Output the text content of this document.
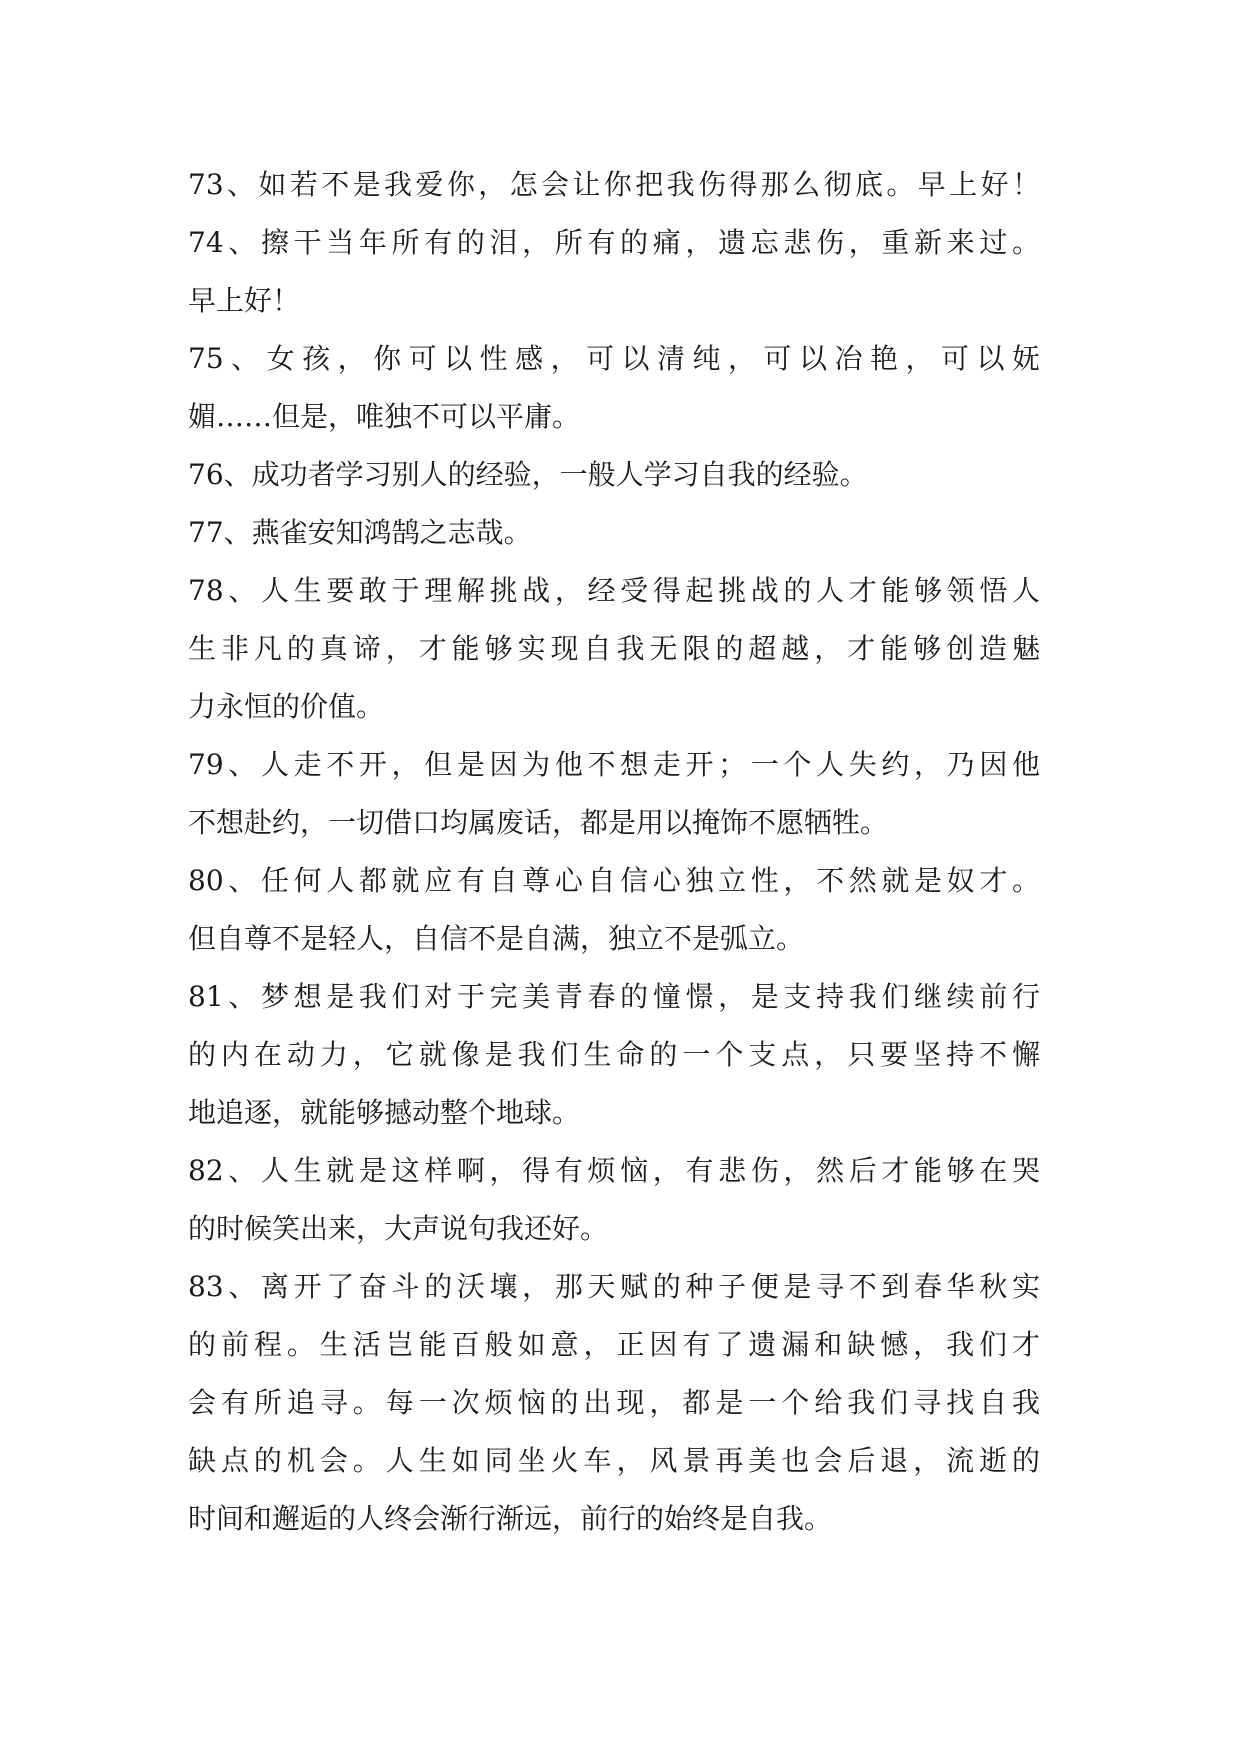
73、如若不是我爱你，怎会让你把我伤得那么彻底。早上好！
74、擦干当年所有的泪，所有的痛，遗忘悲伤，重新来过。
早上好！
75、女孩，你可以性感，可以清纯，可以冶艳，可以妩
媚……但是，唯独不可以平庸。
76、成功者学习别人的经验，一般人学习自我的经验。
77、燕雀安知鸿鹄之志哉。
78、人生要敢于理解挑战，经受得起挑战的人才能够领悟人
生非凡的真谛，才能够实现自我无限的超越，才能够创造魅
力永恒的价值。
79、人走不开，但是因为他不想走开；一个人失约，乃因他
不想赴约，一切借口均属废话，都是用以掩饰不愿牺牲。
80、任何人都就应有自尊心自信心独立性，不然就是奴才。
但自尊不是轻人，自信不是自满，独立不是弧立。
81、梦想是我们对于完美青春的憧憬，是支持我们继续前行
的内在动力，它就像是我们生命的一个支点，只要坚持不懈
地追逐，就能够撼动整个地球。
82、人生就是这样啊，得有烦恼，有悲伤，然后才能够在哭
的时候笑出来，大声说句我还好。
83、离开了奋斗的沃壤，那天赋的种子便是寻不到春华秋实
的前程。生活岂能百般如意，正因有了遗漏和缺憾，我们才
会有所追寻。每一次烦恼的出现，都是一个给我们寻找自我
缺点的机会。人生如同坐火车，风景再美也会后退，流逝的
时间和邂逅的人终会渐行渐远，前行的始终是自我。
